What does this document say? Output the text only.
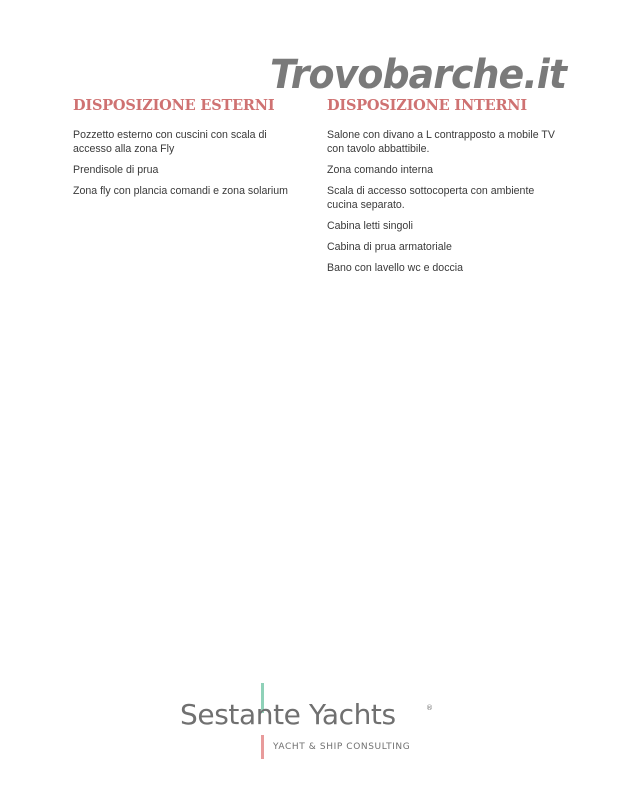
Trovobarche.it
DISPOSIZIONE ESTERNI
Pozzetto esterno con cuscini con scala di accesso alla zona Fly
Prendisole di prua
Zona fly con plancia comandi e zona solarium
DISPOSIZIONE INTERNI
Salone con divano a L contrapposto a mobile TV con tavolo abbattibile.
Zona comando interna
Scala di accesso sottocoperta con ambiente cucina separato.
Cabina letti singoli
Cabina di prua armatoriale
Bano con lavello wc e doccia
Sestante Yachts	®
YACHT & SHIP CONSULTING
